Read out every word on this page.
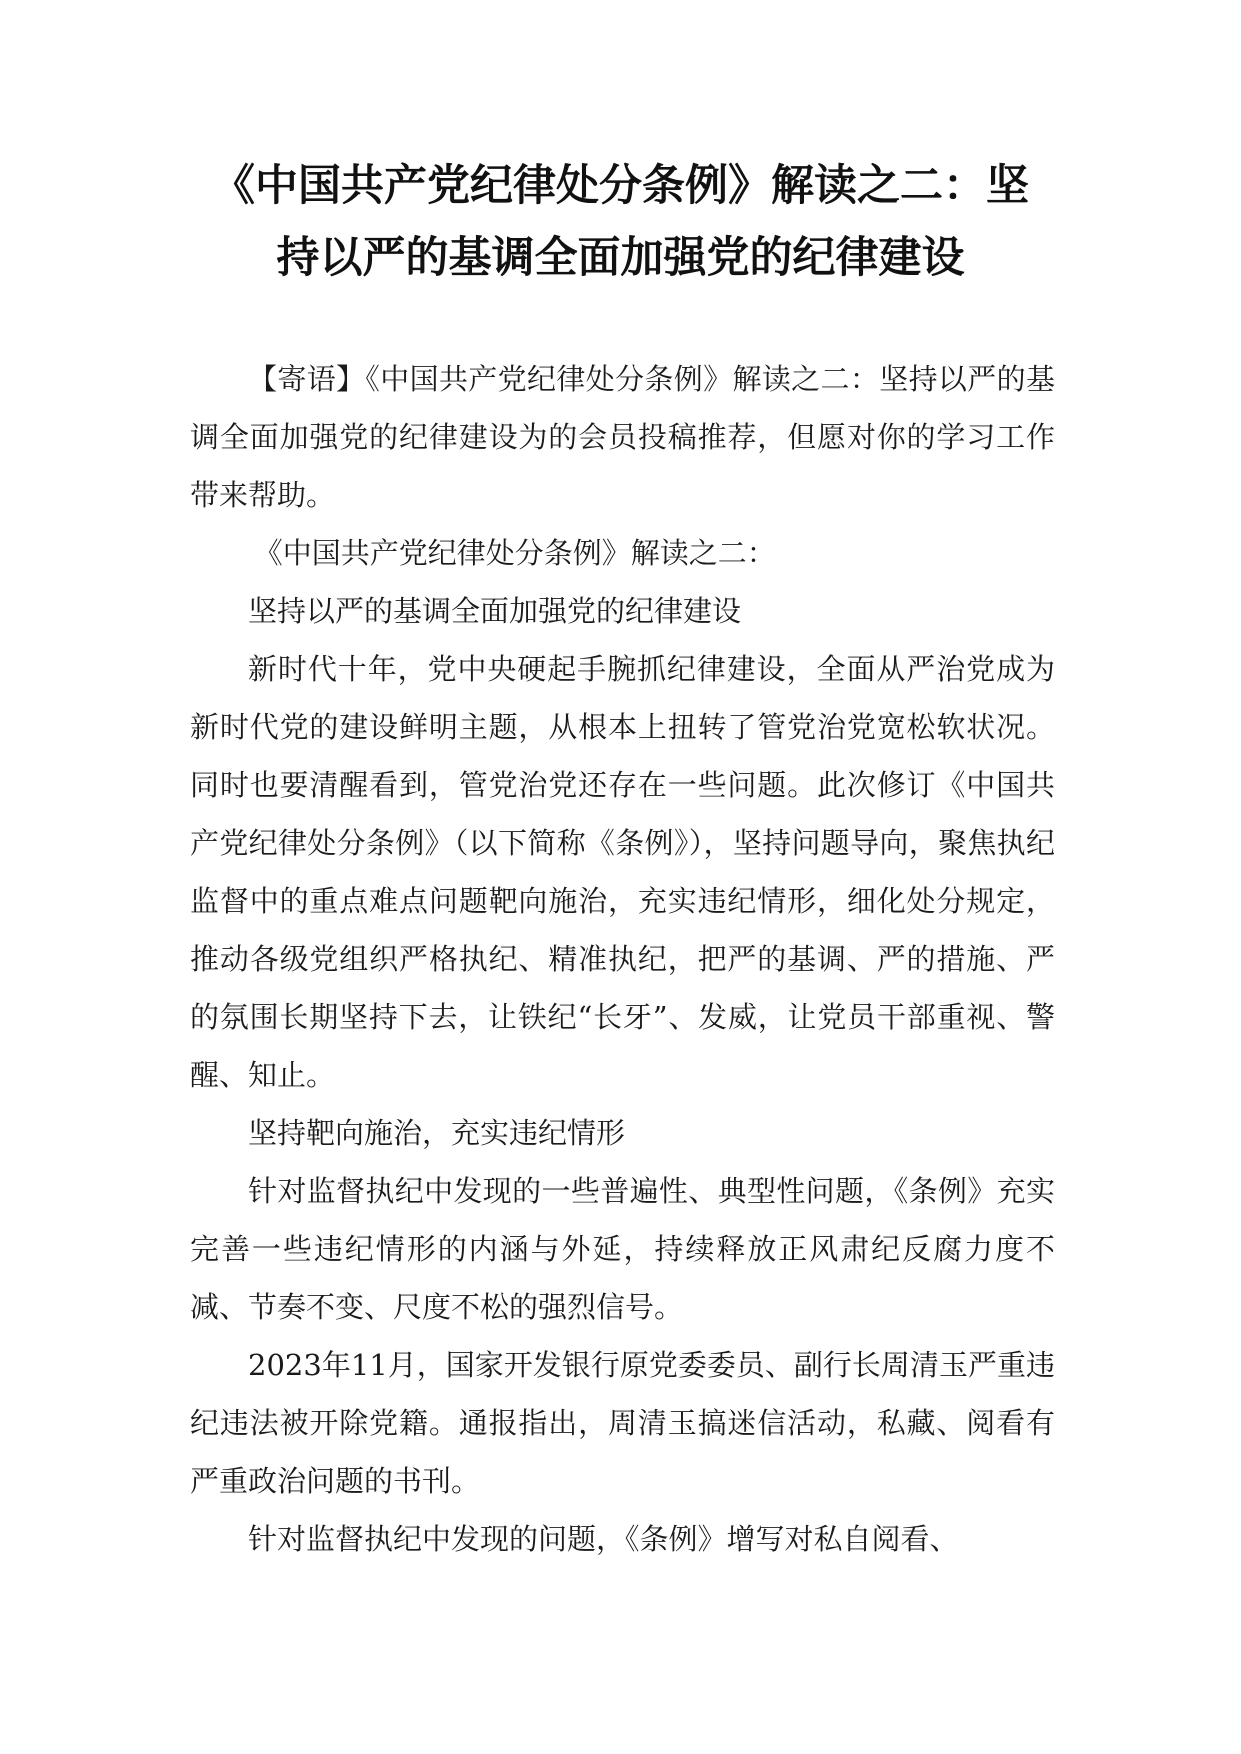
《中国共产党纪律处分条例》解读之二：坚
持以严的基调全面加强党的纪律建设

【寄语】《中国共产党纪律处分条例》解读之二：坚持以严的基调全面加强党的纪律建设为的会员投稿推荐，但愿对你的学习工作带来帮助。

《中国共产党纪律处分条例》解读之二：

坚持以严的基调全面加强党的纪律建设

新时代十年，党中央硬起手腕抓纪律建设，全面从严治党成为新时代党的建设鲜明主题，从根本上扭转了管党治党宽松软状况。同时也要清醒看到，管党治党还存在一些问题。此次修订《中国共产党纪律处分条例》（以下简称《条例》），坚持问题导向，聚焦执纪监督中的重点难点问题靶向施治，充实违纪情形，细化处分规定，推动各级党组织严格执纪、精准执纪，把严的基调、严的措施、严的氛围长期坚持下去，让铁纪“长牙”、发威，让党员干部重视、警醒、知止。

坚持靶向施治，充实违纪情形

针对监督执纪中发现的一些普遍性、典型性问题，《条例》充实完善一些违纪情形的内涵与外延，持续释放正风肃纪反腐力度不减、节奏不变、尺度不松的强烈信号。

2023年11月，国家开发银行原党委委员、副行长周清玉严重违纪违法被开除党籍。通报指出，周清玉搞迷信活动，私藏、阅看有严重政治问题的书刊。

针对监督执纪中发现的问题，《条例》增写对私自阅看、
